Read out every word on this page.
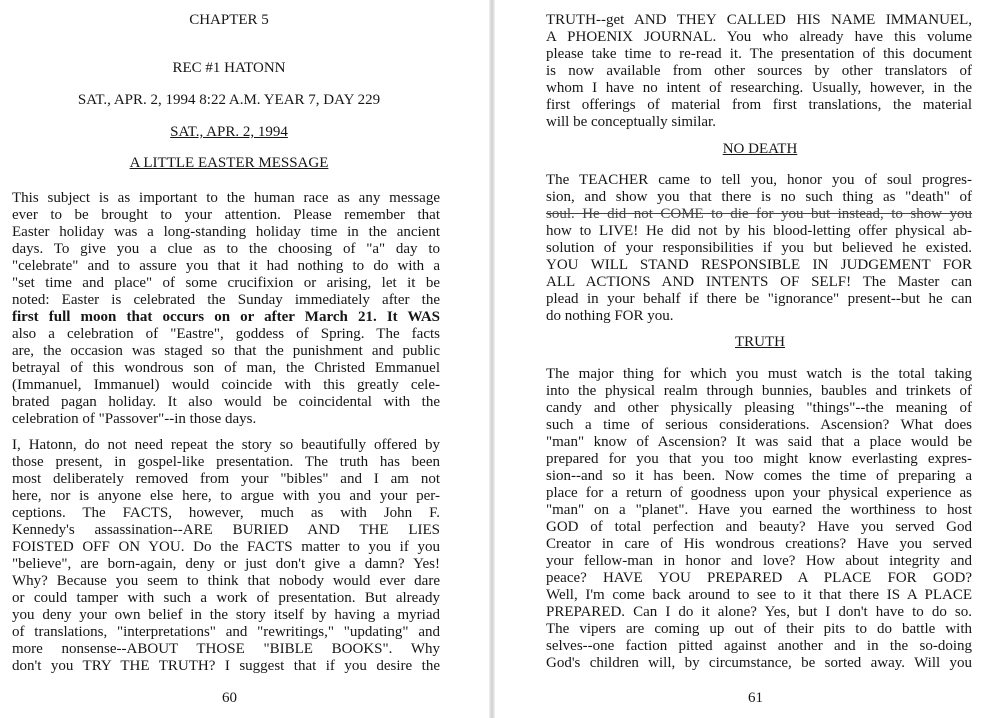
CHAPTER 5
REC #1 HATONN
SAT., APR. 2, 1994 8:22 A.M. YEAR 7, DAY 229
SAT., APR. 2, 1994
A LITTLE EASTER MESSAGE
This subject is as important to the human race as any message
ever to be brought to your attention. Please remember that
Easter holiday was a long-standing holiday time in the ancient
days. To give you a clue as to the choosing of "a" day to
"celebrate" and to assure you that it had nothing to do with a
"set time and place" of some crucifixion or arising, let it be
noted: Easter is celebrated the Sunday immediately after the
first full moon that occurs on or after March 21. It WAS
also a celebration of "Eastre", goddess of Spring. The facts
are, the occasion was staged so that the punishment and public
betrayal of this wondrous son of man, the Christed Emmanuel
(Immanuel, Immanuel) would coincide with this greatly cele-
brated pagan holiday. It also would be coincidental with the
celebration of "Passover"--in those days.
I, Hatonn, do not need repeat the story so beautifully offered by
those present, in gospel-like presentation. The truth has been
most deliberately removed from your "bibles" and I am not
here, nor is anyone else here, to argue with you and your per-
ceptions. The FACTS, however, much as with John F.
Kennedy's assassination--ARE BURIED AND THE LIES
FOISTED OFF ON YOU. Do the FACTS matter to you if you
"believe", are born-again, deny or just don't give a damn? Yes!
Why? Because you seem to think that nobody would ever dare
or could tamper with such a work of presentation. But already
you deny your own belief in the story itself by having a myriad
of translations, "interpretations" and "rewritings," "updating" and
more nonsense--ABOUT THOSE "BIBLE BOOKS". Why
don't you TRY THE TRUTH? I suggest that if you desire the
60
TRUTH--get AND THEY CALLED HIS NAME IMMANUEL,
A PHOENIX JOURNAL. You who already have this volume
please take time to re-read it. The presentation of this document
is now available from other sources by other translators of
whom I have no intent of researching. Usually, however, in the
first offerings of material from first translations, the material
will be conceptually similar.
NO DEATH
The TEACHER came to tell you, honor you of soul progres-
sion, and show you that there is no such thing as "death" of
soul. He did not COME to die for you but instead, to show you
how to LIVE! He did not by his blood-letting offer physical ab-
solution of your responsibilities if you but believed he existed.
YOU WILL STAND RESPONSIBLE IN JUDGEMENT FOR
ALL ACTIONS AND INTENTS OF SELF! The Master can
plead in your behalf if there be "ignorance" present--but he can
do nothing FOR you.
TRUTH
The major thing for which you must watch is the total taking
into the physical realm through bunnies, baubles and trinkets of
candy and other physically pleasing "things"--the meaning of
such a time of serious considerations. Ascension? What does
"man" know of Ascension? It was said that a place would be
prepared for you that you too might know everlasting expres-
sion--and so it has been. Now comes the time of preparing a
place for a return of goodness upon your physical experience as
"man" on a "planet". Have you earned the worthiness to host
GOD of total perfection and beauty? Have you served God
Creator in care of His wondrous creations? Have you served
your fellow-man in honor and love? How about integrity and
peace? HAVE YOU PREPARED A PLACE FOR GOD?
Well, I'm come back around to see to it that there IS A PLACE
PREPARED. Can I do it alone? Yes, but I don't have to do so.
The vipers are coming up out of their pits to do battle with
selves--one faction pitted against another and in the so-doing
God's children will, by circumstance, be sorted away. Will you
61
